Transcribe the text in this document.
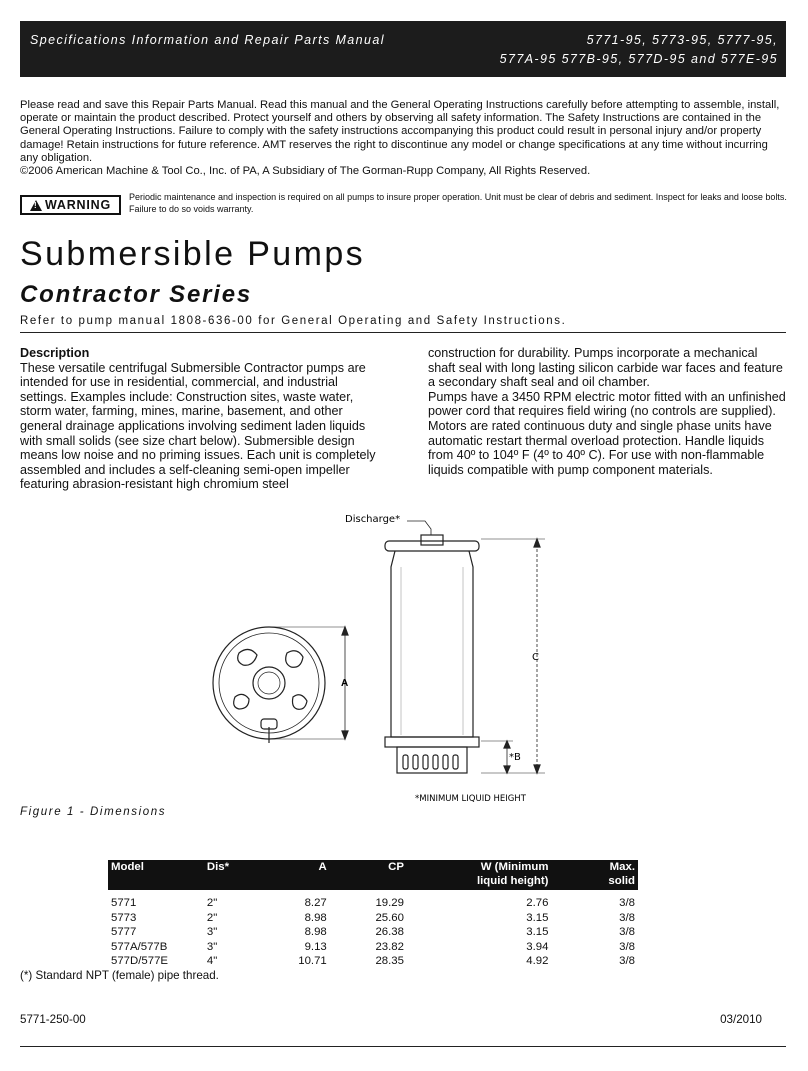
Specifications Information and Repair Parts Manual	5771-95, 5773-95, 5777-95,
577A-95 577B-95, 577D-95 and 577E-95

Please read and save this Repair Parts Manual. Read this manual and the General Operating Instructions carefully before attempting to assemble, install, operate or maintain the product described. Protect yourself and others by observing all safety information. The Safety Instructions are contained in the General Operating Instructions. Failure to comply with the safety instructions accompanying this product could result in personal injury and/or property damage! Retain instructions for future reference. AMT reserves the right to discontinue any model or change specifications at any time without incurring any obligation.

©2006 American Machine & Tool Co., Inc. of PA, A Subsidiary of The Gorman-Rupp Company, All Rights Reserved.

! WARNING
Periodic maintenance and inspection is required on all pumps to insure proper operation. Unit must be clear of debris and sediment. Inspect for leaks and loose bolts. Failure to do so voids warranty.
Submersible Pumps
Contractor Series
Refer to pump manual 1808-636-00 for General Operating and Safety Instructions.
Description

These versatile centrifugal Submersible Contractor pumps are intended for use in residential, commercial, and industrial settings. Examples include: Construction sites, waste water, storm water, farming, mines, marine, basement, and other general drainage applications involving sediment laden liquids with small solids (see size chart below). Submersible design means low noise and no priming issues. Each unit is completely assembled and includes a self-cleaning semi-open impeller featuring abrasion-resistant high chromium steel

construction for durability. Pumps incorporate a mechanical shaft seal with long lasting silicon carbide war faces and feature a secondary shaft seal and oil chamber.

Pumps have a 3450 RPM electric motor fitted with an unfinished power cord that requires field wiring (no controls are supplied). Motors are rated continuous duty and single phase units have automatic restart thermal overload protection. Handle liquids from 40º to 104º F (4º to 40º C). For use with non-flammable liquids compatible with pump component materials.

A
Discharge*
C
*B
*MINIMUM LIQUID HEIGHT
Figure 1 - Dimensions
Model	Dis*	A	CP	W (Minimum
liquid height)	Max.
solid

5771	2"	8.27	19.29	2.76	3/8
5773	2"	8.98	25.60	3.15	3/8
5777	3"	8.98	26.38	3.15	3/8
577A/577B	3"	9.13	23.82	3.94	3/8
577D/577E	4"	10.71	28.35	4.92	3/8
(*) Standard NPT (female) pipe thread.
5771-250-00	03/2010
